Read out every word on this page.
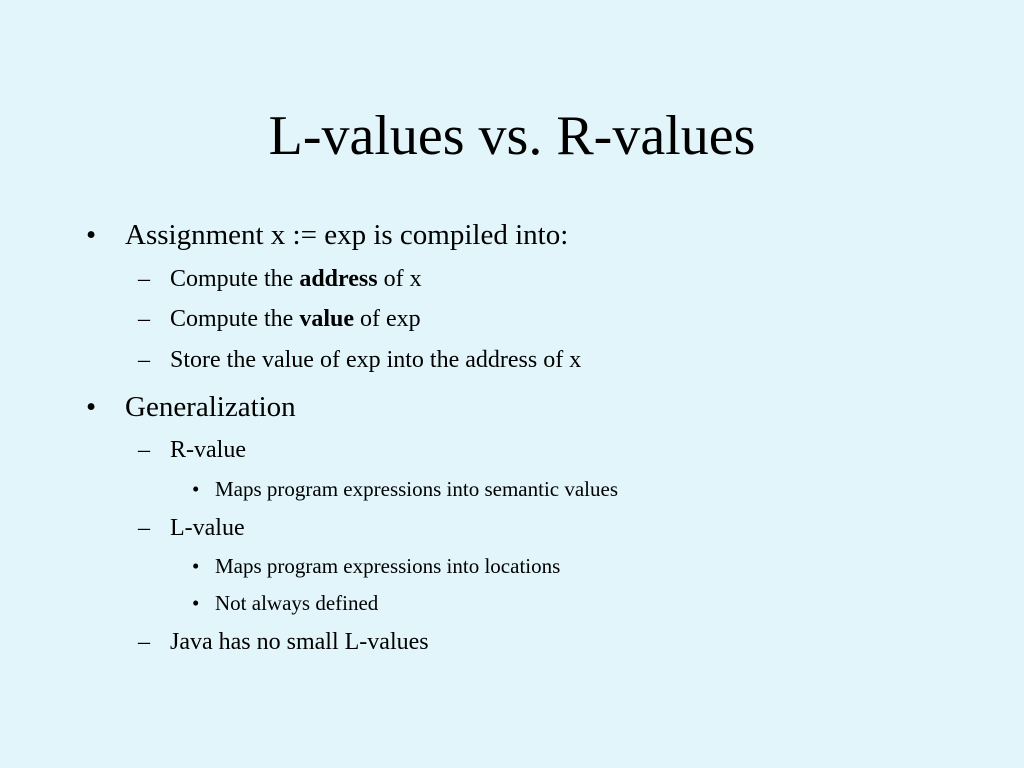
L-values vs. R-values
• Assignment x := exp is compiled into:
– Compute the address of x
– Compute the value of exp
– Store the value of exp into the address of x
• Generalization
– R-value
• Maps program expressions into semantic values
– L-value
• Maps program expressions into locations
• Not always defined
– Java has no small L-values
